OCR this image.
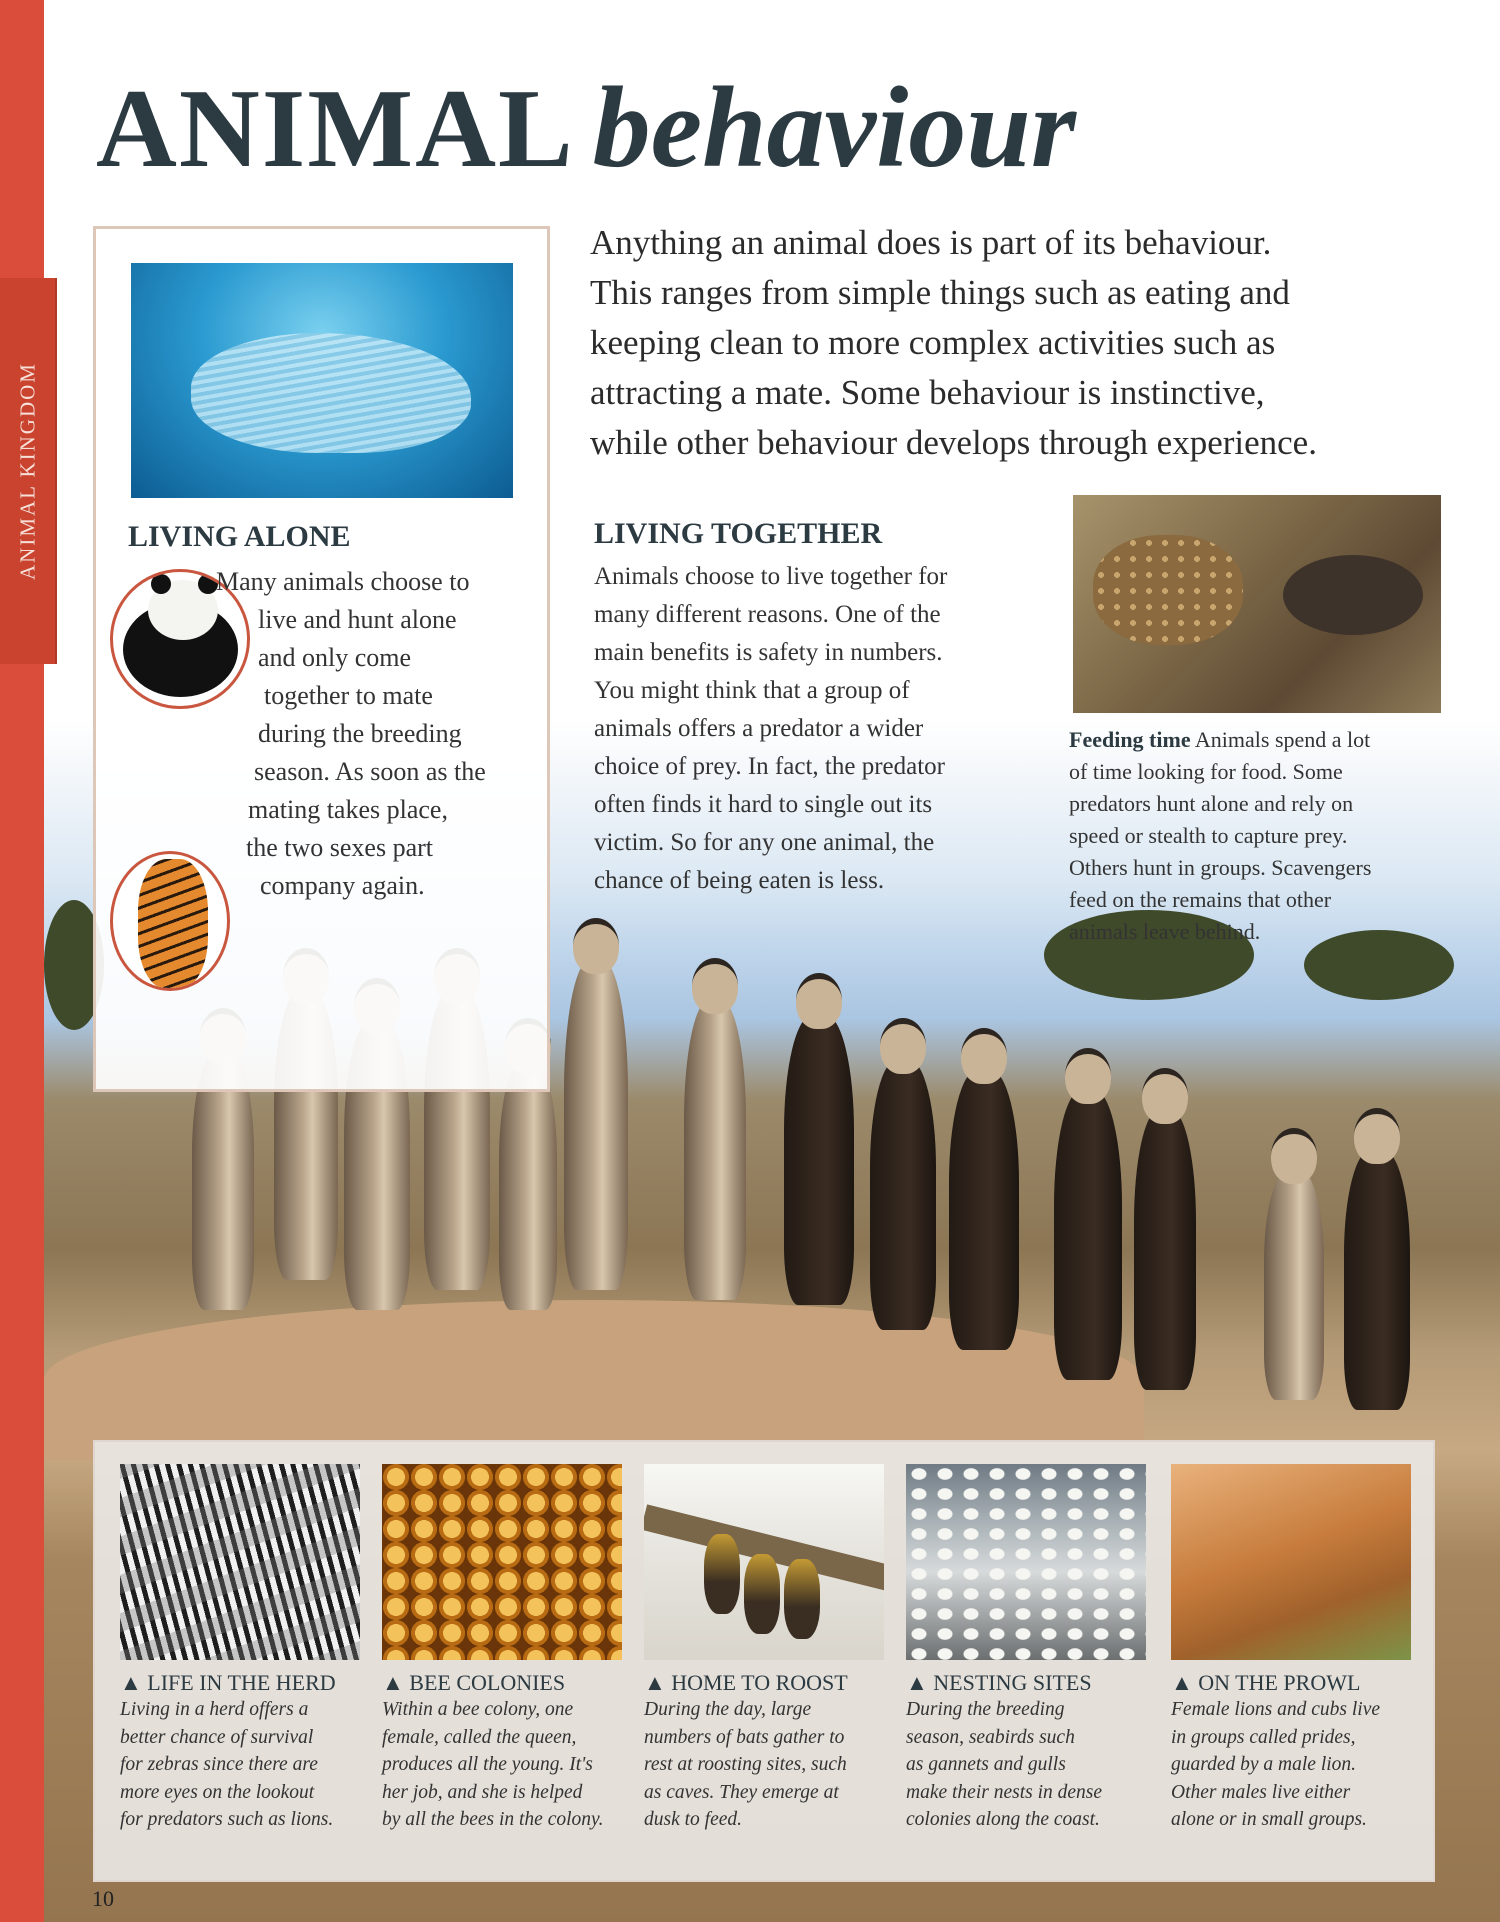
ANIMAL KINGDOM
ANIMAL behaviour
Anything an animal does is part of its behaviour.
This ranges from simple things such as eating and
keeping clean to more complex activities such as
attracting a mate. Some behaviour is instinctive,
while other behaviour develops through experience.
LIVING ALONE
Many animals choose to
live and hunt alone
and only come
together to mate
during the breeding
season. As soon as the
mating takes place,
the two sexes part
company again.
LIVING TOGETHER
Animals choose to live together for
many different reasons. One of the
main benefits is safety in numbers.
You might think that a group of
animals offers a predator a wider
choice of prey. In fact, the predator
often finds it hard to single out its
victim. So for any one animal, the
chance of being eaten is less.
Feeding time Animals spend a lot
of time looking for food. Some
predators hunt alone and rely on
speed or stealth to capture prey.
Others hunt in groups. Scavengers
feed on the remains that other
animals leave behind.
▲ LIFE IN THE HERD
Living in a herd offers a
better chance of survival
for zebras since there are
more eyes on the lookout
for predators such as lions.
▲ BEE COLONIES
Within a bee colony, one
female, called the queen,
produces all the young. It's
her job, and she is helped
by all the bees in the colony.
▲ HOME TO ROOST
During the day, large
numbers of bats gather to
rest at roosting sites, such
as caves. They emerge at
dusk to feed.
▲ NESTING SITES
During the breeding
season, seabirds such
as gannets and gulls
make their nests in dense
colonies along the coast.
▲ ON THE PROWL
Female lions and cubs live
in groups called prides,
guarded by a male lion.
Other males live either
alone or in small groups.
10
